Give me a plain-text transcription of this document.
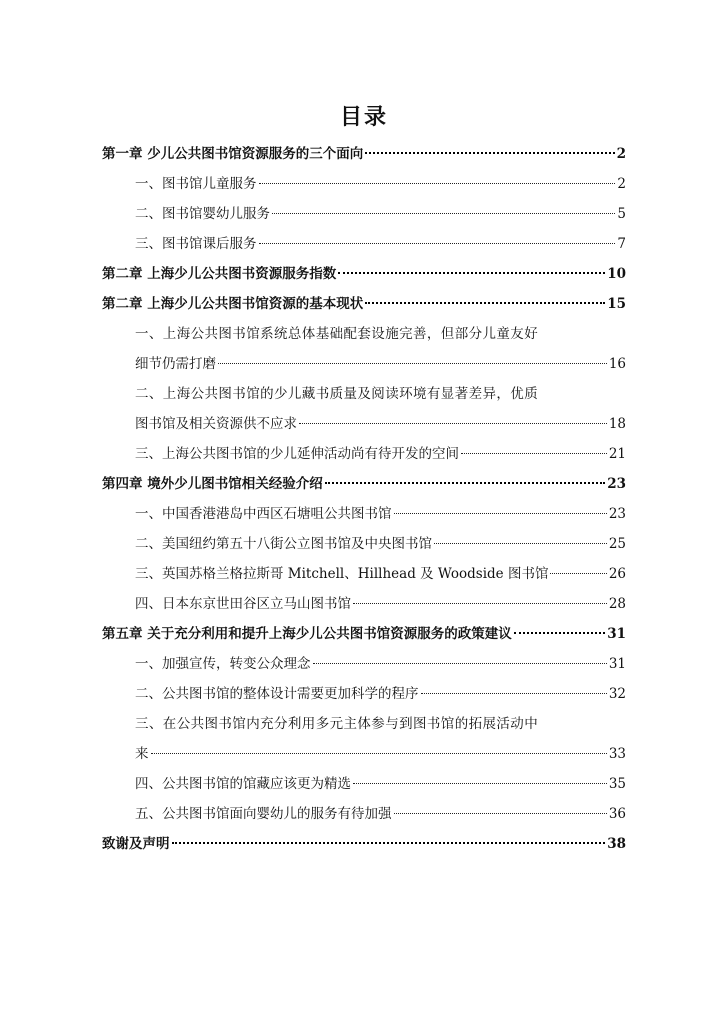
目录
第一章 少儿公共图书馆资源服务的三个面向	2
一、图书馆儿童服务	2
二、图书馆婴幼儿服务	5
三、图书馆课后服务	7
第二章 上海少儿公共图书资源服务指数	10
第二章 上海少儿公共图书馆资源的基本现状	15
一、上海公共图书馆系统总体基础配套设施完善，但部分儿童友好
细节仍需打磨	16
二、上海公共图书馆的少儿藏书质量及阅读环境有显著差异，优质
图书馆及相关资源供不应求	18
三、上海公共图书馆的少儿延伸活动尚有待开发的空间	21
第四章 境外少儿图书馆相关经验介绍	23
一、中国香港港岛中西区石塘咀公共图书馆	23
二、美国纽约第五十八街公立图书馆及中央图书馆	25
三、英国苏格兰格拉斯哥 Mitchell、Hillhead 及 Woodside 图书馆	26
四、日本东京世田谷区立马山图书馆	28
第五章 关于充分利用和提升上海少儿公共图书馆资源服务的政策建议	31
一、加强宣传，转变公众理念	31
二、公共图书馆的整体设计需要更加科学的程序	32
三、在公共图书馆内充分利用多元主体参与到图书馆的拓展活动中
来	33
四、公共图书馆的馆藏应该更为精选	35
五、公共图书馆面向婴幼儿的服务有待加强	36
致谢及声明	38
